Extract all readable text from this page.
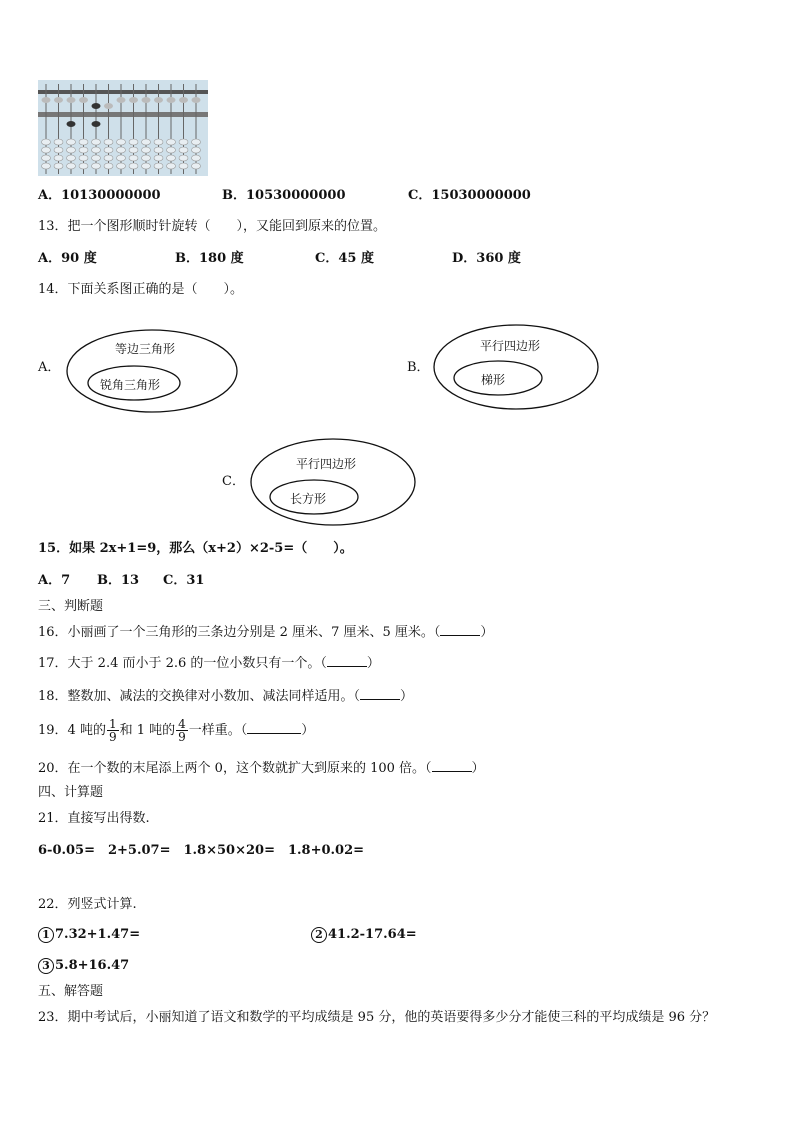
A．10130000000	B．10530000000	C．15030000000
13．把一个图形顺时针旋转（　　），又能回到原来的位置。
A．90 度	B．180 度	C．45 度	D．360 度
14．下面关系图正确的是（　　）。
A．
等边三角形
锐角三角形
B．
平行四边形
梯形
C．
平行四边形
长方形
15．如果 2x+1=9，那么（x+2）×2-5=（　　）。
A．7 B．13 C．31
三、判断题
16．小丽画了一个三角形的三条边分别是 2 厘米、7 厘米、5 厘米。（	）
17．大于 2.4 而小于 2.6 的一位小数只有一个。（	）
18．整数加、减法的交换律对小数加、减法同样适用。（	）
19．4 吨的 $\frac{1}{9}$ 和 1 吨的 $\frac{4}{9}$ 一样重。（	）
20．在一个数的末尾添上两个 0，这个数就扩大到原来的 100 倍。（	）
四、计算题
21．直接写出得数.
6-0.05=　2+5.07=　1.8×50×20=　1.8+0.02=
22．列竖式计算.
1 7.32+1.47=	2 41.2-17.64=
3 5.8+16.47
五、解答题
23．期中考试后，小丽知道了语文和数学的平均成绩是 95 分，他的英语要得多少分才能使三科的平均成绩是 96 分？
